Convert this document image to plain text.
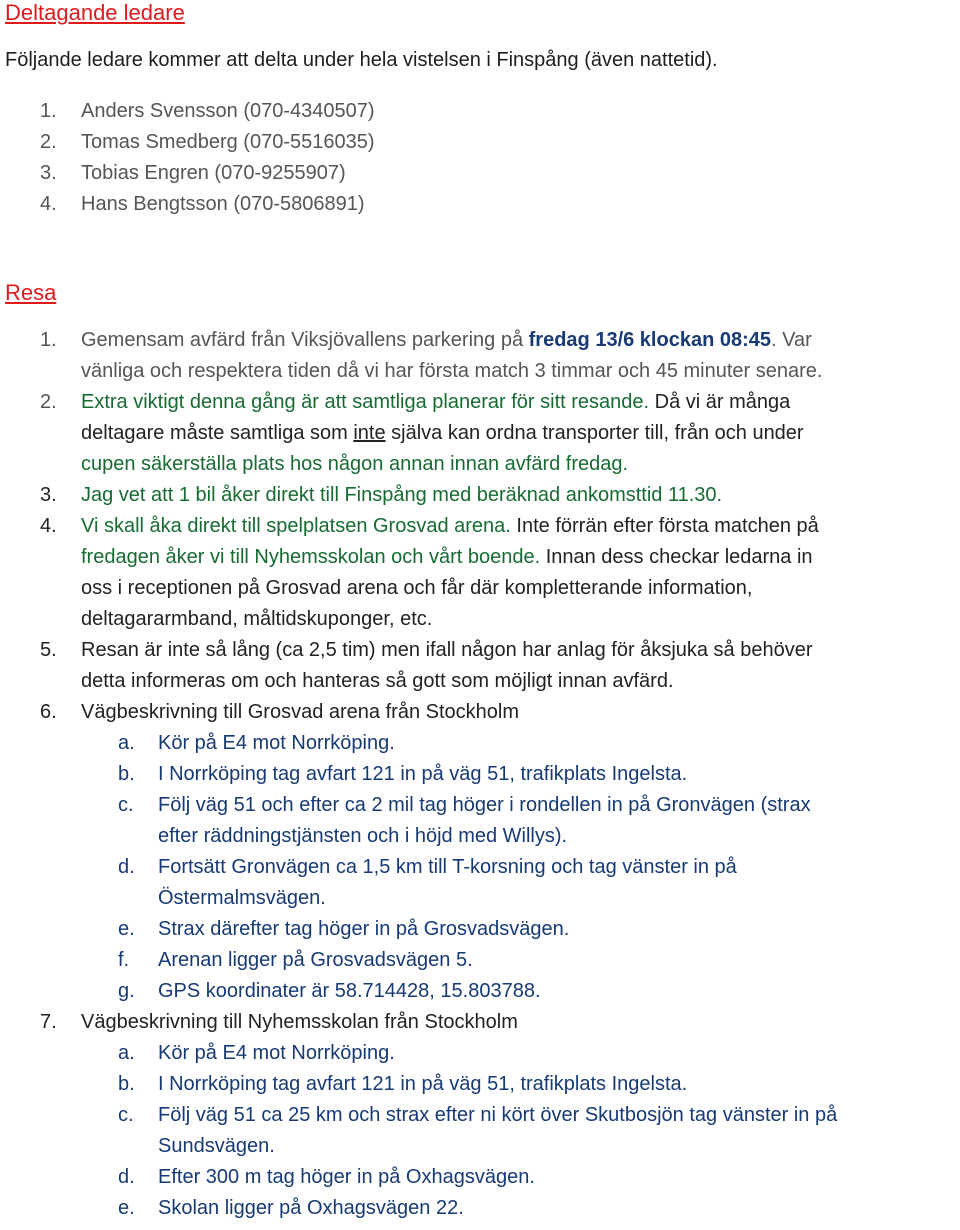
Deltagande ledare
Följande ledare kommer att delta under hela vistelsen i Finspång (även nattetid).
1. Anders Svensson (070-4340507)
2. Tomas Smedberg (070-5516035)
3. Tobias Engren (070-9255907)
4. Hans Bengtsson (070-5806891)
Resa
1. Gemensam avfärd från Viksjövallens parkering på fredag 13/6 klockan 08:45. Var
vänliga och respektera tiden då vi har första match 3 timmar och 45 minuter senare.
2. Extra viktigt denna gång är att samtliga planerar för sitt resande. Då vi är många
deltagare måste samtliga som inte själva kan ordna transporter till, från och under
cupen säkerställa plats hos någon annan innan avfärd fredag.
3. Jag vet att 1 bil åker direkt till Finspång med beräknad ankomsttid 11.30.
4. Vi skall åka direkt till spelplatsen Grosvad arena. Inte förrän efter första matchen på
fredagen åker vi till Nyhemsskolan och vårt boende. Innan dess checkar ledarna in
oss i receptionen på Grosvad arena och får där kompletterande information,
deltagararmband, måltidskuponger, etc.
5. Resan är inte så lång (ca 2,5 tim) men ifall någon har anlag för åksjuka så behöver
detta informeras om och hanteras så gott som möjligt innan avfärd.
6. Vägbeskrivning till Grosvad arena från Stockholm
a. Kör på E4 mot Norrköping.
b. I Norrköping tag avfart 121 in på väg 51, trafikplats Ingelsta.
c. Följ väg 51 och efter ca 2 mil tag höger i rondellen in på Gronvägen (strax
efter räddningstjänsten och i höjd med Willys).
d. Fortsätt Gronvägen ca 1,5 km till T-korsning och tag vänster in på
Östermalmsvägen.
e. Strax därefter tag höger in på Grosvadsvägen.
f. Arenan ligger på Grosvadsvägen 5.
g. GPS koordinater är 58.714428, 15.803788.
7. Vägbeskrivning till Nyhemsskolan från Stockholm
a. Kör på E4 mot Norrköping.
b. I Norrköping tag avfart 121 in på väg 51, trafikplats Ingelsta.
c. Följ väg 51 ca 25 km och strax efter ni kört över Skutbosjön tag vänster in på
Sundsvägen.
d. Efter 300 m tag höger in på Oxhagsvägen.
e. Skolan ligger på Oxhagsvägen 22.
